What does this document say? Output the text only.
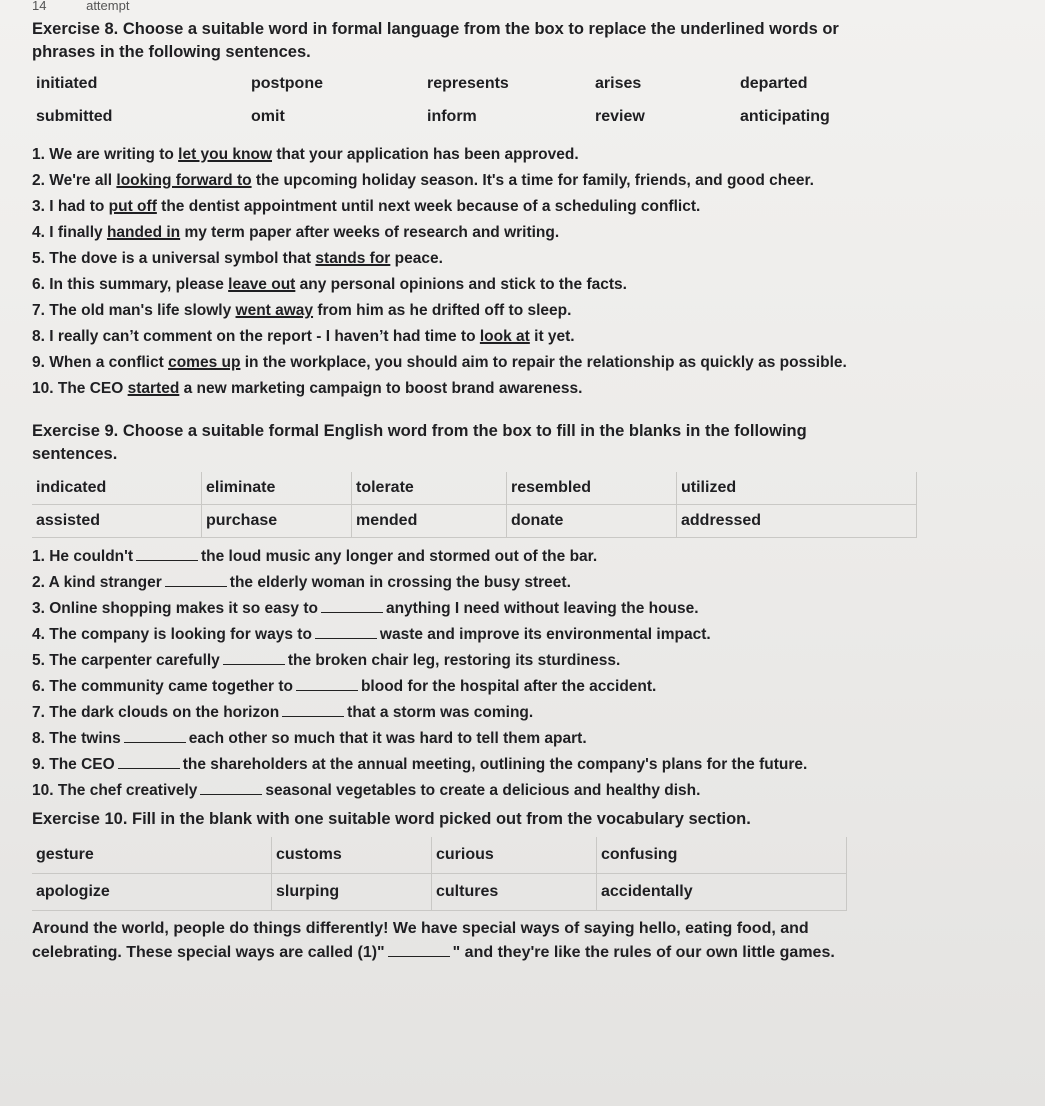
14	attempt
Exercise 8. Choose a suitable word in formal language from the box to replace the underlined words or
phrases in the following sentences.
initiated	postpone	represents	arises	departed
submitted	omit	inform	review	anticipating
1. We are writing to let you know that your application has been approved.
2. We're all looking forward to the upcoming holiday season. It's a time for family, friends, and good cheer.
3. I had to put off the dentist appointment until next week because of a scheduling conflict.
4. I finally handed in my term paper after weeks of research and writing.
5. The dove is a universal symbol that stands for peace.
6. In this summary, please leave out any personal opinions and stick to the facts.
7. The old man's life slowly went away from him as he drifted off to sleep.
8. I really can’t comment on the report - I haven’t had time to look at it yet.
9. When a conflict comes up in the workplace, you should aim to repair the relationship as quickly as possible.
10. The CEO started a new marketing campaign to boost brand awareness.
Exercise 9. Choose a suitable formal English word from the box to fill in the blanks in the following
sentences.
indicated	eliminate	tolerate	resembled	utilized
assisted	purchase	mended	donate	addressed
1. He couldn't	the loud music any longer and stormed out of the bar.
2. A kind stranger	the elderly woman in crossing the busy street.
3. Online shopping makes it so easy to	anything I need without leaving the house.
4. The company is looking for ways to	waste and improve its environmental impact.
5. The carpenter carefully	the broken chair leg, restoring its sturdiness.
6. The community came together to	blood for the hospital after the accident.
7. The dark clouds on the horizon	that a storm was coming.
8. The twins	each other so much that it was hard to tell them apart.
9. The CEO	the shareholders at the annual meeting, outlining the company's plans for the future.
10. The chef creatively	seasonal vegetables to create a delicious and healthy dish.
Exercise 10. Fill in the blank with one suitable word picked out from the vocabulary section.
gesture	customs	curious	confusing
apologize	slurping	cultures	accidentally
Around the world, people do things differently! We have special ways of saying hello, eating food, and
celebrating. These special ways are called (1)"	" and they're like the rules of our own little games.
